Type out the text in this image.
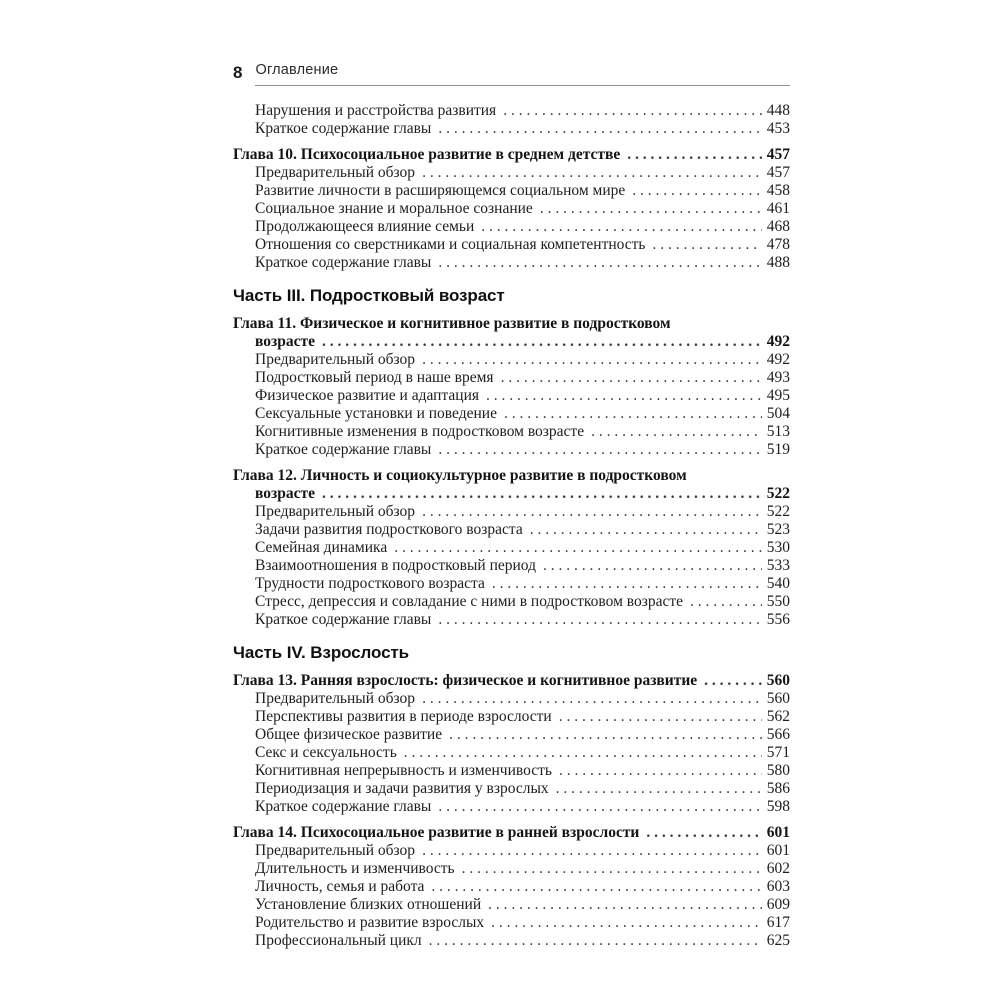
8 Оглавление
Нарушения и расстройства развития . . .	448
Краткое содержание главы . . .	453
Глава 10. Психосоциальное развитие в среднем детстве . . .	457
Предварительный обзор . . .	457
Развитие личности в расширяющемся социальном мире . . .	458
Социальное знание и моральное сознание . . .	461
Продолжающееся влияние семьи . . .	468
Отношения со сверстниками и социальная компетентность . . .	478
Краткое содержание главы . . .	488
Часть III. Подростковый возраст
Глава 11. Физическое и когнитивное развитие в подростковом
возрасте . . .	492
Предварительный обзор . . .	492
Подростковый период в наше время . . .	493
Физическое развитие и адаптация . . .	495
Сексуальные установки и поведение . . .	504
Когнитивные изменения в подростковом возрасте . . .	513
Краткое содержание главы . . .	519
Глава 12. Личность и социокультурное развитие в подростковом
возрасте . . .	522
Предварительный обзор . . .	522
Задачи развития подросткового возраста . . .	523
Семейная динамика . . .	530
Взаимоотношения в подростковый период . . .	533
Трудности подросткового возраста . . .	540
Стресс, депрессия и совладание с ними в подростковом возрасте . . .	550
Краткое содержание главы . . .	556
Часть IV. Взрослость
Глава 13. Ранняя взрослость: физическое и когнитивное развитие . . .	560
Предварительный обзор . . .	560
Перспективы развития в периоде взрослости . . .	562
Общее физическое развитие . . .	566
Секс и сексуальность . . .	571
Когнитивная непрерывность и изменчивость . . .	580
Периодизация и задачи развития у взрослых . . .	586
Краткое содержание главы . . .	598
Глава 14. Психосоциальное развитие в ранней взрослости . . .	601
Предварительный обзор . . .	601
Длительность и изменчивость . . .	602
Личность, семья и работа . . .	603
Установление близких отношений . . .	609
Родительство и развитие взрослых . . .	617
Профессиональный цикл . . .	625
